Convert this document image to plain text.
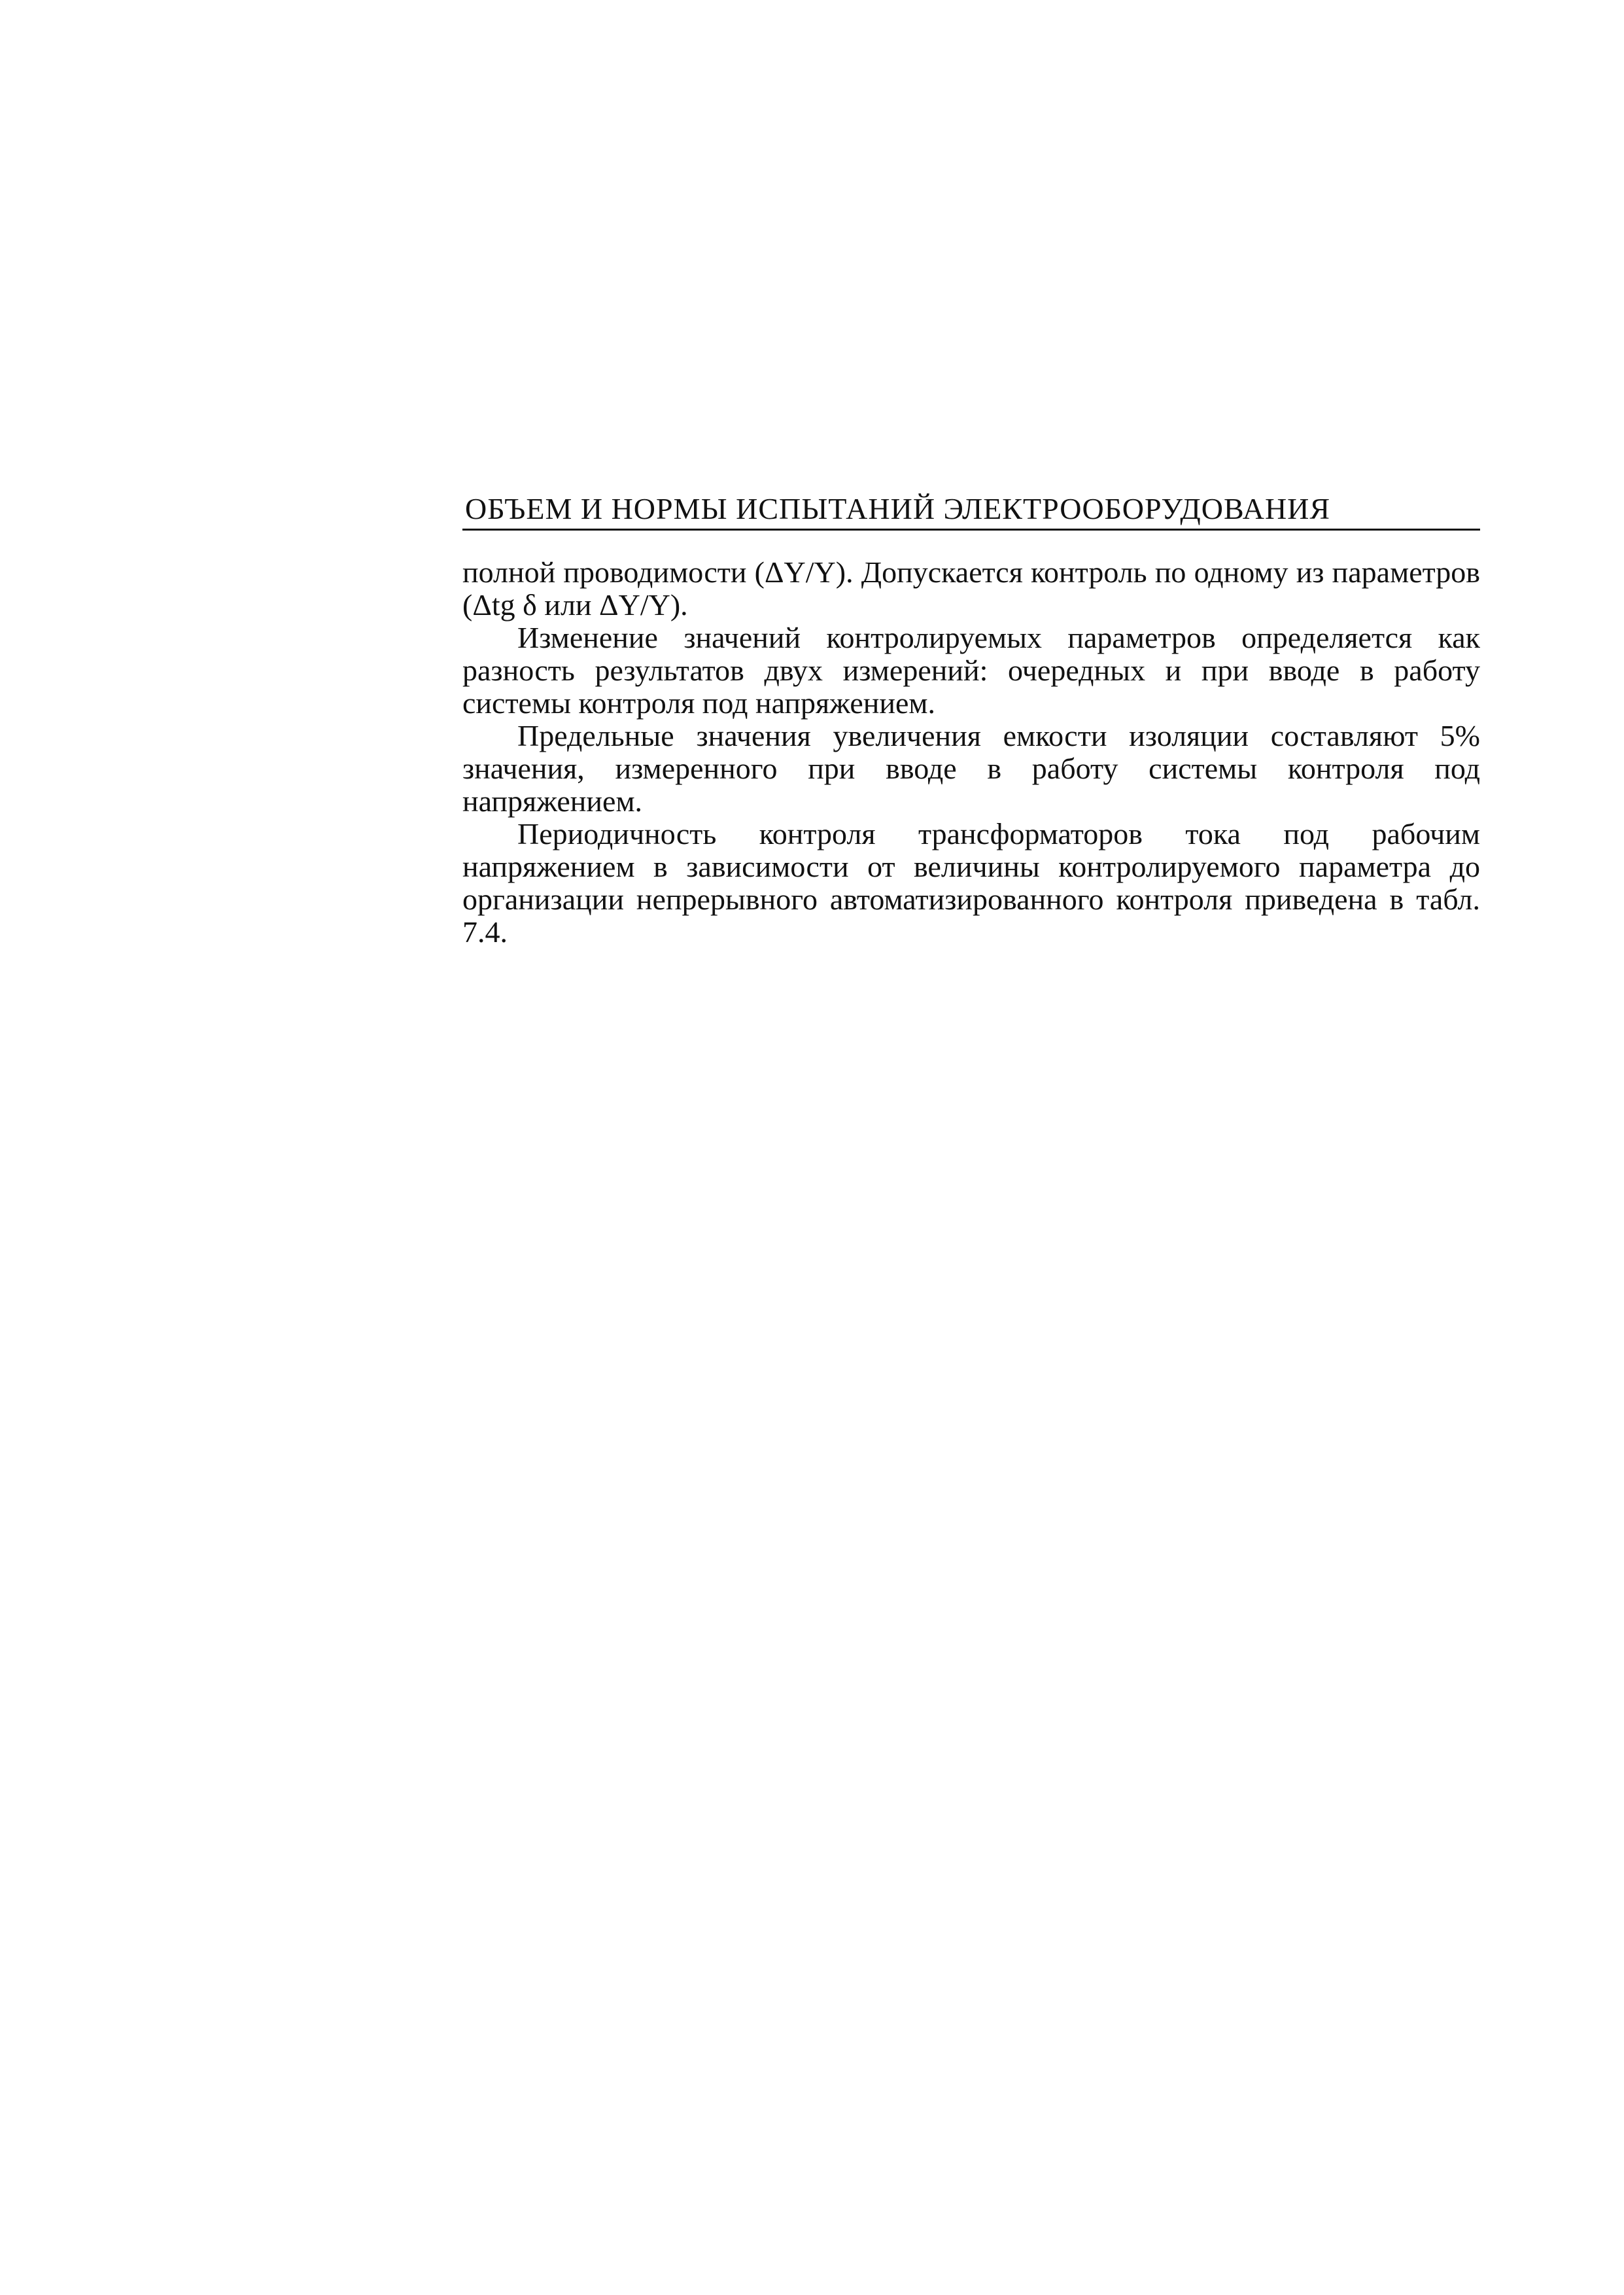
ОБЪЕМ И НОРМЫ ИСПЫТАНИЙ ЭЛЕКТРООБОРУДОВАНИЯ

полной проводимости (ΔY/Y). Допускается контроль по одному из параметров (Δtg δ или ΔY/Y).

Изменение значений контролируемых параметров определяется как разность результатов двух измерений: очередных и при вводе в работу системы контроля под напряжением.

Предельные значения увеличения емкости изоляции составляют 5% значения, измеренного при вводе в работу системы контроля под напряжением.

Периодичность контроля трансформаторов тока под рабочим напряжением в зависимости от величины контролируемого параметра до организации непрерывного автоматизированного контроля приведена в табл. 7.4.
